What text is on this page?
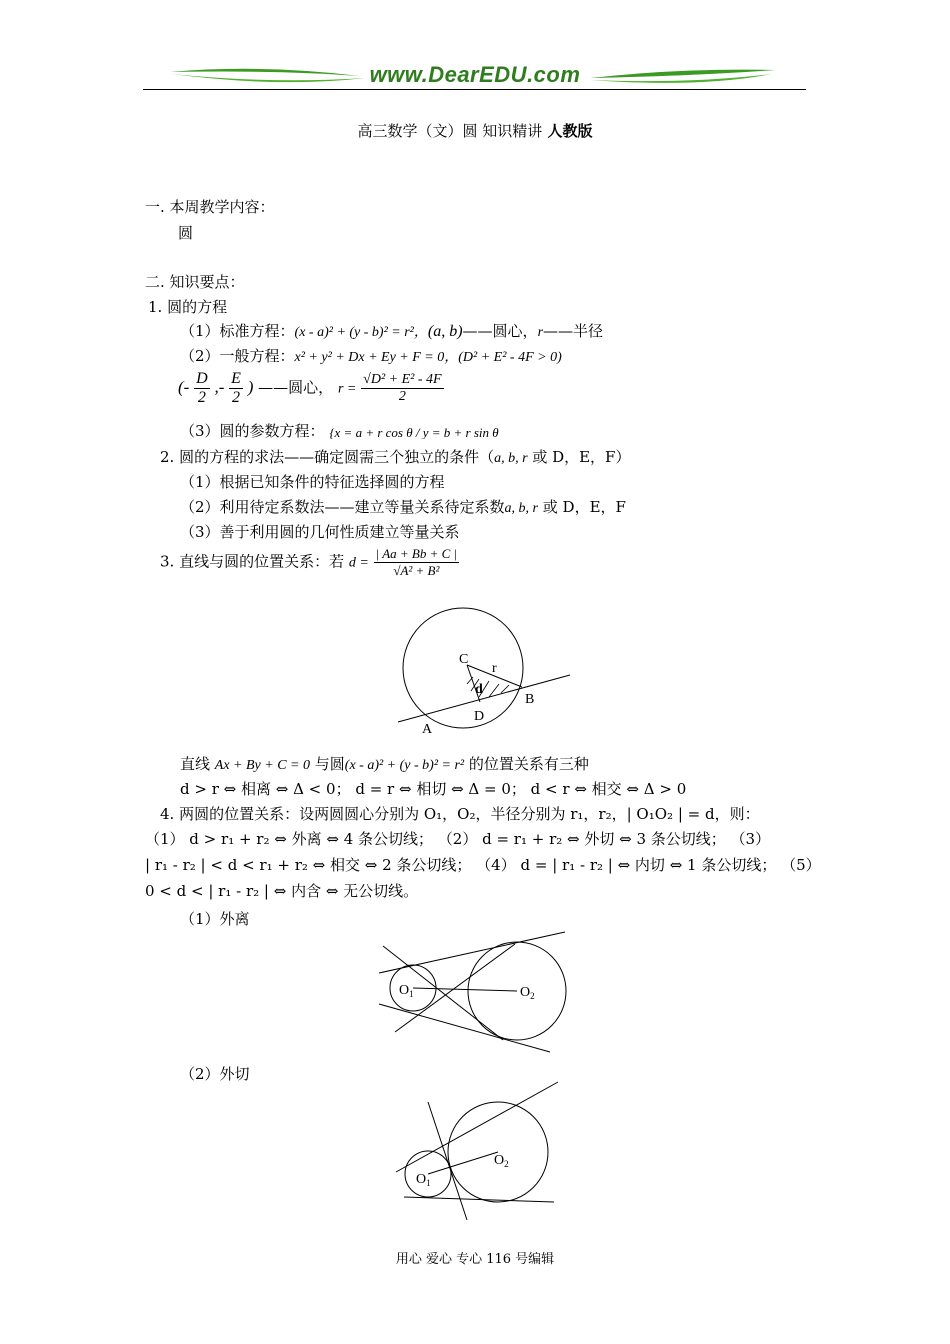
www.DearEDU.com
高三数学（文）圆 知识精讲 人教版
一. 本周教学内容：
圆
二. 知识要点：
1. 圆的方程
（1）标准方程：(x - a)² + (y - b)² = r²，(a, b)——圆心，r——半径
（2）一般方程：x² + y² + Dx + Ey + F = 0，(D² + E² - 4F > 0)
(- $\frac{D}{2}$ ,- $\frac{E}{2}$ ) ——圆心， $r = \frac{\text{√D² + E² - 4F}}{2}$
（3）圆的参数方程： {x = a + r cos θ / y = b + r sin θ
2. 圆的方程的求法——确定圆需三个独立的条件（a, b, r 或 D，E，F）
（1）根据已知条件的特征选择圆的方程
（2）利用待定系数法——建立等量关系待定系数a, b, r 或 D，E，F
（3）善于利用圆的几何性质建立等量关系
3. 直线与圆的位置关系：若 $d = \frac{| Aa + Bb + C |}{\text{√A² + B²}}$
C
r
d
B
D
A
直线 Ax + By + C = 0 与圆(x - a)² + (y - b)² = r² 的位置关系有三种
d > r ⇔ 相离 ⇔ Δ < 0； d = r ⇔ 相切 ⇔ Δ = 0； d < r ⇔ 相交 ⇔ Δ > 0
4. 两圆的位置关系：设两圆圆心分别为 O₁，O₂，半径分别为 r₁，r₂，| O₁O₂ | = d，则：
（1） d > r₁ + r₂ ⇔ 外离 ⇔ 4 条公切线； （2） d = r₁ + r₂ ⇔ 外切 ⇔ 3 条公切线； （3）
| r₁ - r₂ | < d < r₁ + r₂ ⇔ 相交 ⇔ 2 条公切线； （4） d = | r₁ - r₂ | ⇔ 内切 ⇔ 1 条公切线； （5）
0 < d < | r₁ - r₂ | ⇔ 内含 ⇔ 无公切线。
（1）外离
$O_1$	$O_2$
（2）外切
$O_1$
$O_2$
用心 爱心 专心 116 号编辑
